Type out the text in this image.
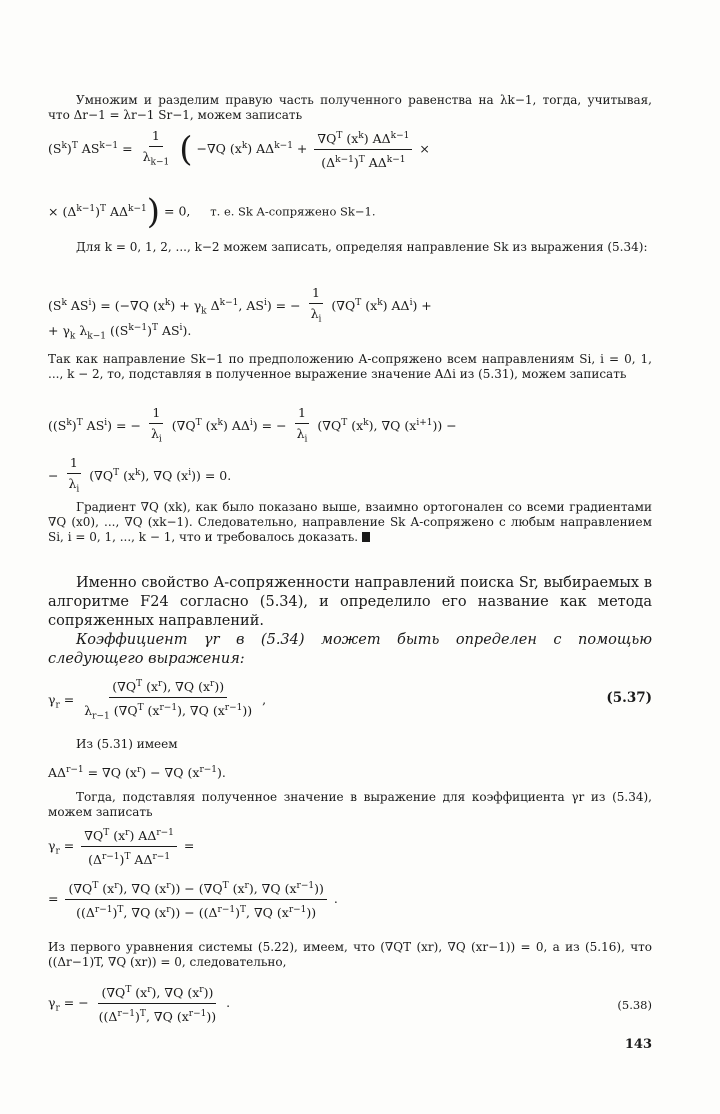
Умножим и разделим правую часть полученного равенства на λk−1, тогда, учитывая, что Δr−1 = λr−1 Sr−1, можем записать
$(S^k)^T$ $AS^{k-1} = \frac{1}{\lambda_{k-1}}$ ( −∇Q $(x^k) A\Delta^{k-1} + \frac{\nabla Q^T (x^k) A\Delta^{k-1}}{(\Delta^{k-1})^T A\Delta^{k-1}}$ ×
× $(\Delta^{k-1})^T$ $A\Delta^{k-1}) = 0$,     т. е. Sk A-сопряжено Sk−1.
Для k = 0, 1, 2, ..., k−2 можем записать, определяя направление Sk из выражения (5.34):
($S^k$ $AS^i) = (-\nabla Q$ $(x^k) + \gamma_k$ $\Delta^{k-1}$, $AS^i$) = − $\frac{1}{\lambda_i} (\nabla Q^T$ $(x^k) A\Delta^i$) +
+ $\gamma_k$ $\lambda_{k-1}$ ($(S^{k-1})^T$ $AS^i$).
Так как направление Sk−1 по предположению A-сопряжено всем направлениям Si, i = 0, 1, ..., k − 2, то, подставляя в полученное выражение значение AΔi из (5.31), можем записать
($(S^k)^T$ $AS^i$) = − $\frac{1}{\lambda_i} (\nabla Q^T$ $(x^k) A\Delta^i$) = − $\frac{1}{\lambda_i} (\nabla Q^T$ $(x^k)$, ∇Q $(x^{i+1})$) −
− $\frac{1}{\lambda_i} (\nabla Q^T$ $(x^k)$, ∇Q $(x^i)) = 0$.
Градиент ∇Q (xk), как было показано выше, взаимно ортогонален со всеми градиентами ∇Q (x0), ..., ∇Q (xk−1). Следовательно, направление Sk A-сопряжено с любым направлением Si, i = 0, 1, ..., k − 1, что и требовалось доказать.
Именно свойство A-сопряженности направлений поиска Sr, выбираемых в алгоритме F24 согласно (5.34), и определило его название как метода сопряженных направлений.
Коэффициент γr в (5.34) может быть определен с помощью следующего выражения:
$\gamma_r = \frac{(\nabla Q^T (x^r), \nabla Q (x^r))}{\lambda_{r-1} (\nabla Q^T (x^{r-1}), \nabla Q (x^{r-1}))}$ ,	(5.37)
Из (5.31) имеем
$A\Delta^{r-1} = \nabla Q$ $(x^r) - \nabla Q$ $(x^{r-1})$.
Тогда, подставляя полученное значение в выражение для коэффициента γr из (5.34), можем записать
$\gamma_r = \frac{\nabla Q^T (x^r) A\Delta^{r-1}}{(\Delta^{r-1})^T A\Delta^{r-1}}$ =
= $\frac{(\nabla Q^T (x^r), \nabla Q (x^r)) - (\nabla Q^T (x^r), \nabla Q (x^{r-1}))}{((\Delta^{r-1})^T, \nabla Q (x^r)) - ((\Delta^{r-1})^T, \nabla Q (x^{r-1}))}$ .
Из первого уравнения системы (5.22), имеем, что (∇QT (xr), ∇Q (xr−1)) = 0, а из (5.16), что ((Δr−1)T, ∇Q (xr)) = 0, следовательно,
$\gamma_r$ = − $\frac{(\nabla Q^T (x^r), \nabla Q (x^r))}{((\Delta^{r-1})^T, \nabla Q (x^{r-1}))}$ .	(5.38)
143
